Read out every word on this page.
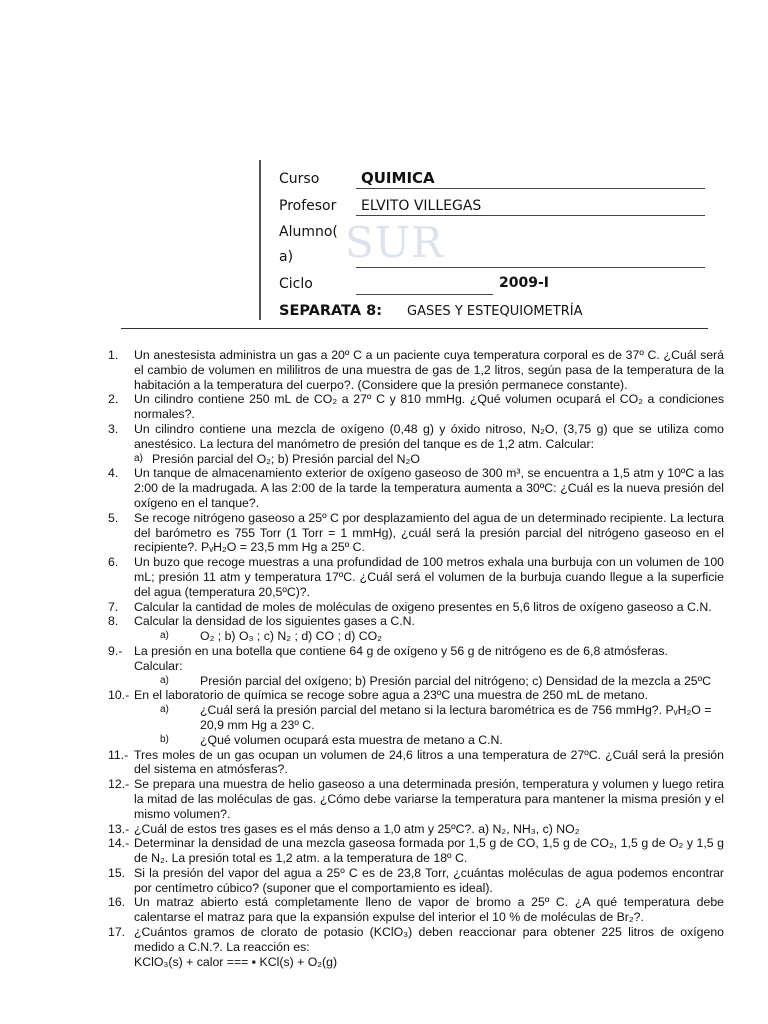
Curso	QUIMICA
Profesor ELVITO VILLEGAS
SUR
Alumno(
a)
Ciclo	2009-I
SEPARATA 8: GASES Y ESTEQUIOMETRÍA
1. Un anestesista administra un gas a 20º C a un paciente cuya temperatura corporal es de 37º C. ¿Cuál será el cambio de volumen en mililitros de una muestra de gas de 1,2 litros, según pasa de la temperatura de la habitación a la temperatura del cuerpo?. (Considere que la presión permanece constante).
2. Un cilindro contiene 250 mL de CO₂ a 27º C y 810 mmHg. ¿Qué volumen ocupará el CO₂ a condiciones normales?.
3. Un cilindro contiene una mezcla de oxígeno (0,48 g) y óxido nitroso, N₂O, (3,75 g) que se utiliza como anestésico. La lectura del manómetro de presión del tanque es de 1,2 atm. Calcular:
a) Presión parcial del O₂; b) Presión parcial del N₂O
4. Un tanque de almacenamiento exterior de oxígeno gaseoso de 300 m³, se encuentra a 1,5 atm y 10ºC a las 2:00 de la madrugada. A las 2:00 de la tarde la temperatura aumenta a 30ºC: ¿Cuál es la nueva presión del oxígeno en el tanque?.
5. Se recoge nitrógeno gaseoso a 25º C por desplazamiento del agua de un determinado recipiente. La lectura del barómetro es 755 Torr (1 Torr = 1 mmHg), ¿cuál será la presión parcial del nitrógeno gaseoso en el recipiente?. PᵥH₂O = 23,5 mm Hg a 25º C.
6. Un buzo que recoge muestras a una profundidad de 100 metros exhala una burbuja con un volumen de 100 mL; presión 11 atm y temperatura 17ºC. ¿Cuál será el volumen de la burbuja cuando llegue a la superficie del agua (temperatura 20,5ºC)?.
7. Calcular la cantidad de moles de moléculas de oxigeno presentes en 5,6 litros de oxígeno gaseoso a C.N.
8. Calcular la densidad de los siguientes gases a C.N.
a)	O₂ ; b) O₃ ; c) N₂ ; d) CO ; d) CO₂
9.- La presión en una botella que contiene 64 g de oxígeno y 56 g de nitrógeno es de 6,8 atmósferas.
Calcular:
a)	Presión parcial del oxígeno; b) Presión parcial del nitrógeno; c) Densidad de la mezcla a 25ºC
10.- En el laboratorio de química se recoge sobre agua a 23ºC una muestra de 250 mL de metano.
a)	¿Cuál será la presión parcial del metano si la lectura barométrica es de 756 mmHg?. PᵥH₂O = 20,9 mm Hg a 23º C.
b)	¿Qué volumen ocupará esta muestra de metano a C.N.
11.- Tres moles de un gas ocupan un volumen de 24,6 litros a una temperatura de 27ºC. ¿Cuál será la presión del sistema en atmósferas?.
12.- Se prepara una muestra de helio gaseoso a una determinada presión, temperatura y volumen y luego retira la mitad de las moléculas de gas. ¿Cómo debe variarse la temperatura para mantener la misma presión y el mismo volumen?.
13.- ¿Cuál de estos tres gases es el más denso a 1,0 atm y 25ºC?. a) N₂, NH₃, c) NO₂
14.- Determinar la densidad de una mezcla gaseosa formada por 1,5 g de CO, 1,5 g de CO₂, 1,5 g de O₂ y 1,5 g de N₂. La presión total es 1,2 atm. a la temperatura de 18º C.
15. Si la presión del vapor del agua a 25º C es de 23,8 Torr, ¿cuántas moléculas de agua podemos encontrar por centímetro cúbico? (suponer que el comportamiento es ideal).
16. Un matraz abierto está completamente lleno de vapor de bromo a 25º C. ¿A qué temperatura debe calentarse el matraz para que la expansión expulse del interior el 10 % de moléculas de Br₂?.
17. ¿Cuántos gramos de clorato de potasio (KClO₃) deben reaccionar para obtener 225 litros de oxígeno medido a C.N.?. La reacción es:
KClO₃(s) + calor === ▪ KCl(s) + O₂(g)
